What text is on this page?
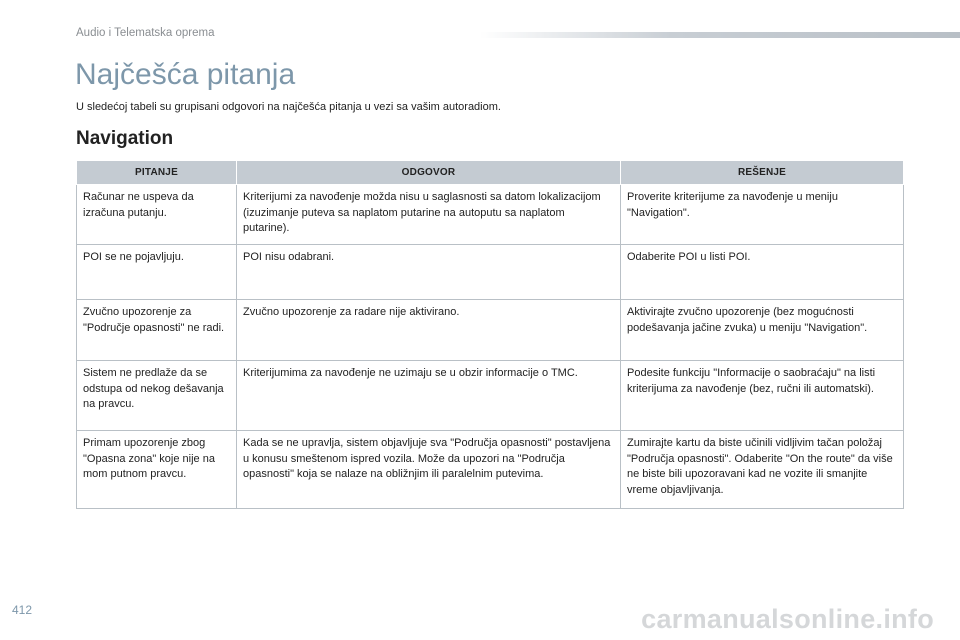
Audio i Telematska oprema
Najčešća pitanja
U sledećoj tabeli su grupisani odgovori na najčešća pitanja u vezi sa vašim autoradiom.
Navigation
PITANJE	ODGOVOR	REŠENJE
Računar ne uspeva da izračuna putanju.	Kriterijumi za navođenje možda nisu u saglasnosti sa datom lokalizacijom (izuzimanje puteva sa naplatom putarine na autoputu sa naplatom putarine).	Proverite kriterijume za navođenje u meniju "Navigation".
POI se ne pojavljuju.	POI nisu odabrani.	Odaberite POI u listi POI.
Zvučno upozorenje za "Područje opasnosti" ne radi.	Zvučno upozorenje za radare nije aktivirano.	Aktivirajte zvučno upozorenje (bez mogućnosti podešavanja jačine zvuka) u meniju "Navigation".
Sistem ne predlaže da se odstupa od nekog dešavanja na pravcu.	Kriterijumima za navođenje ne uzimaju se u obzir informacije o TMC.	Podesite funkciju "Informacije o saobraćaju" na listi kriterijuma za navođenje (bez, ručni ili automatski).
Primam upozorenje zbog "Opasna zona" koje nije na mom putnom pravcu.	Kada se ne upravlja, sistem objavljuje sva "Područja opasnosti" postavljena u konusu smeštenom ispred vozila. Može da upozori na "Područja opasnosti" koja se nalaze na obližnjim ili paralelnim putevima.	Zumirajte kartu da biste učinili vidljivim tačan položaj "Područja opasnosti". Odaberite "On the route" da više ne biste bili upozoravani kad ne vozite ili smanjite vreme objavljivanja.
412	carmanualsonline.info
